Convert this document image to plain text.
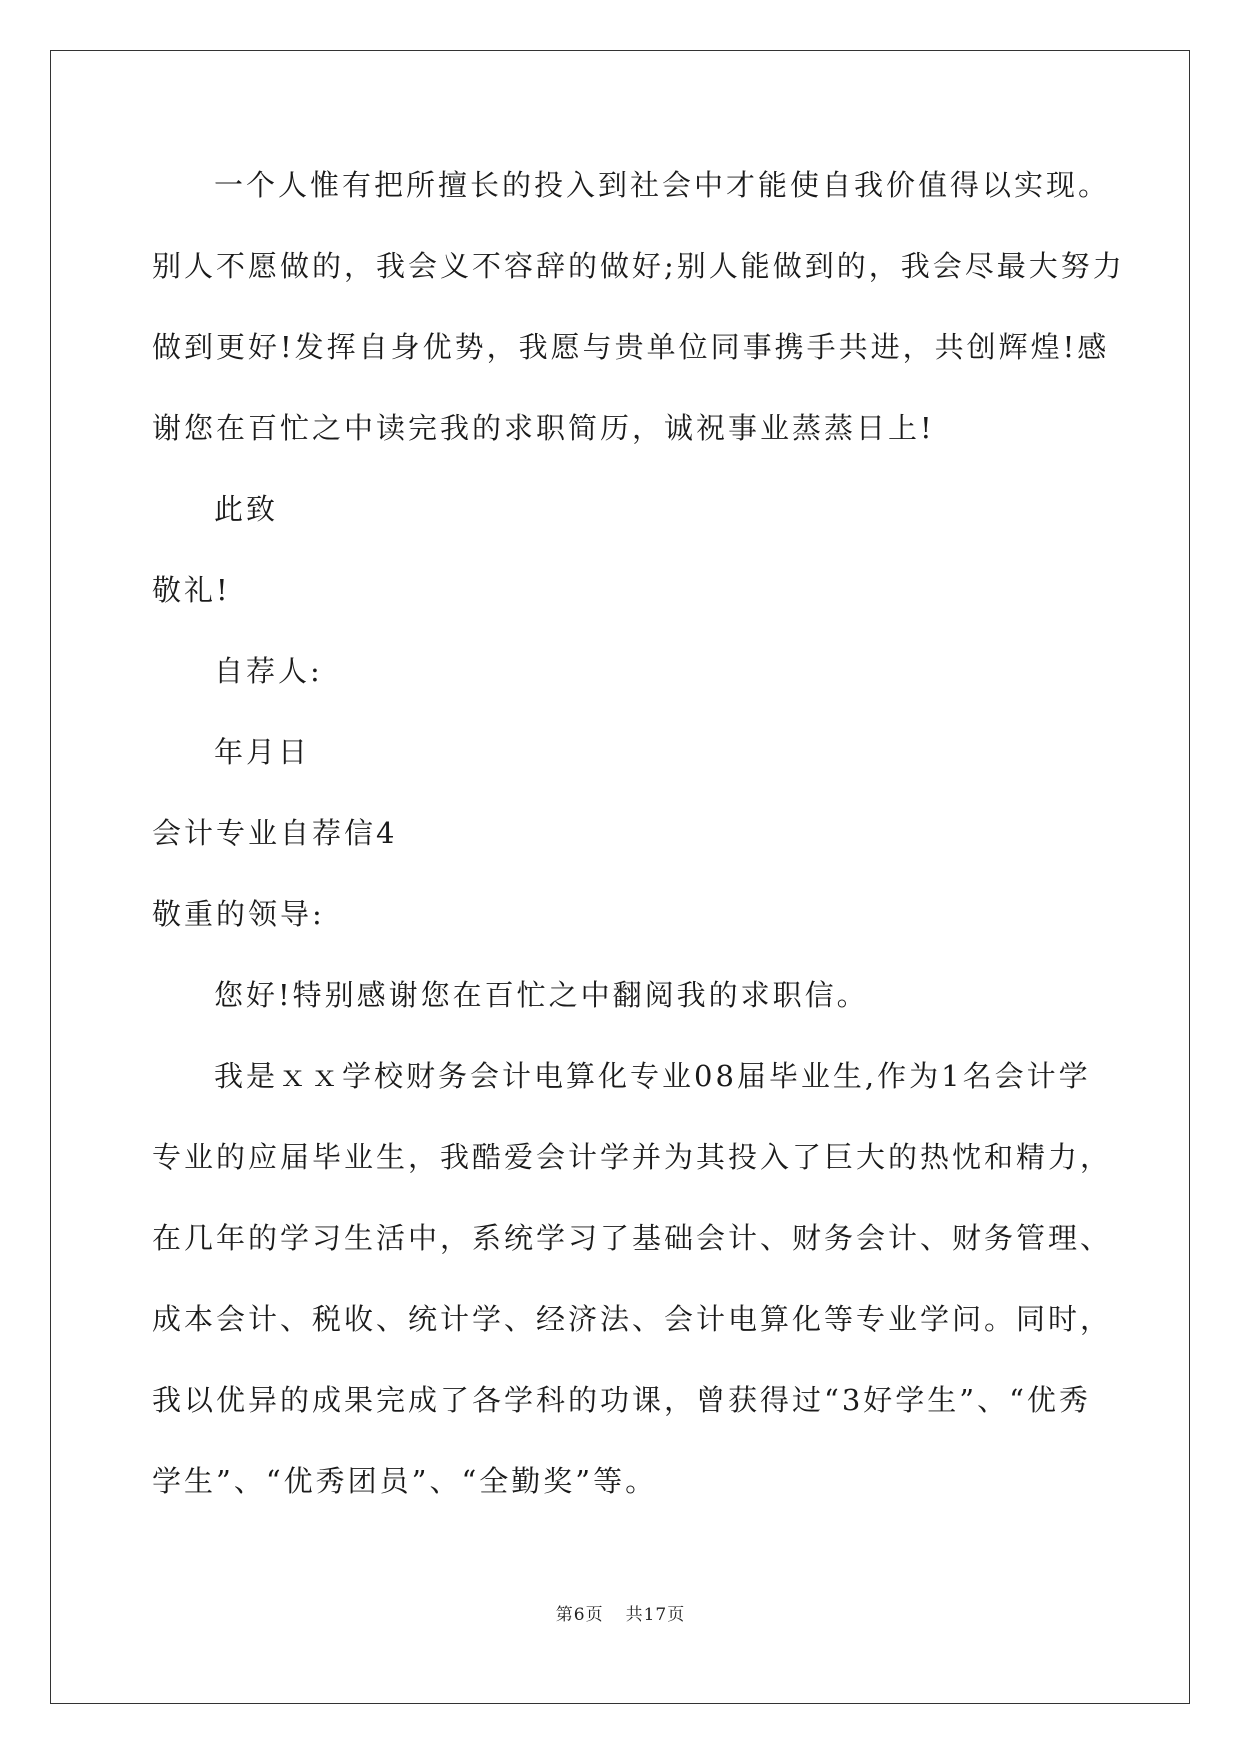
一个人惟有把所擅长的投入到社会中才能使自我价值得以实现。
别人不愿做的，我会义不容辞的做好;别人能做到的，我会尽最大努力
做到更好!发挥自身优势，我愿与贵单位同事携手共进，共创辉煌!感
谢您在百忙之中读完我的求职简历，诚祝事业蒸蒸日上!
此致
敬礼!
自荐人:
年月日
会计专业自荐信4
敬重的领导:
您好!特别感谢您在百忙之中翻阅我的求职信。
我是ｘｘ学校财务会计电算化专业08届毕业生,作为1名会计学
专业的应届毕业生，我酷爱会计学并为其投入了巨大的热忱和精力，
在几年的学习生活中，系统学习了基础会计、财务会计、财务管理、
成本会计、税收、统计学、经济法、会计电算化等专业学问。同时，
我以优异的成果完成了各学科的功课，曾获得过“3好学生”、“优秀
学生”、“优秀团员”、“全勤奖”等。
第6页 共17页
